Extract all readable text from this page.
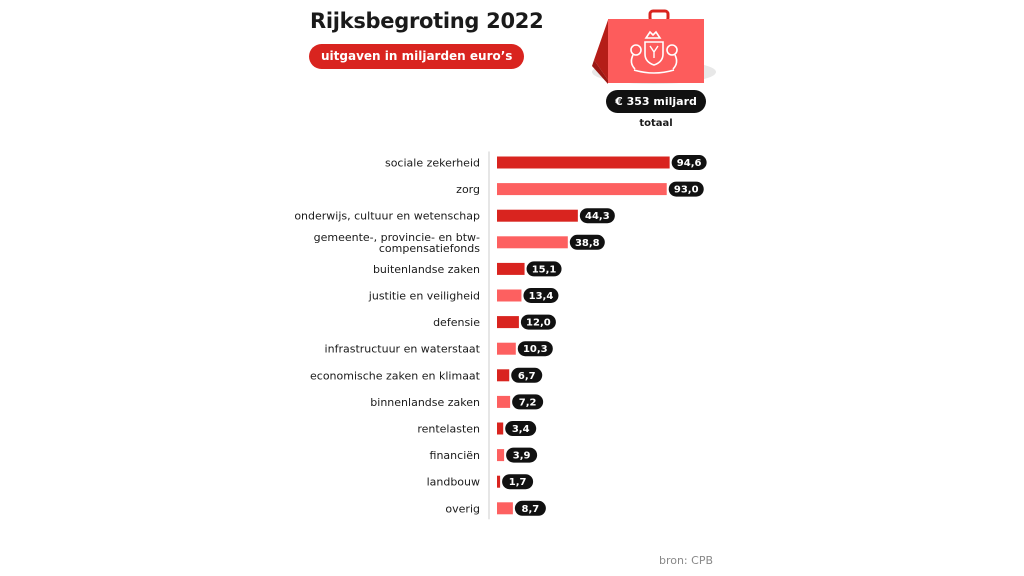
Rijksbegroting 2022
uitgaven in miljarden euro’s
€ 353 miljard
totaal
sociale zekerheid
zorg
onderwijs, cultuur en wetenschap
gemeente-, provincie- en btw-compensatiefonds
buitenlandse zaken
justitie en veiligheid
defensie
infrastructuur en waterstaat
economische zaken en klimaat
binnenlandse zaken
rentelasten
financiën
landbouw
overig
94,6
93,0
44,3
38,8
15,1
13,4
12,0
10,3
6,7
7,2
3,4
3,9
1,7
8,7
bron: CPB
